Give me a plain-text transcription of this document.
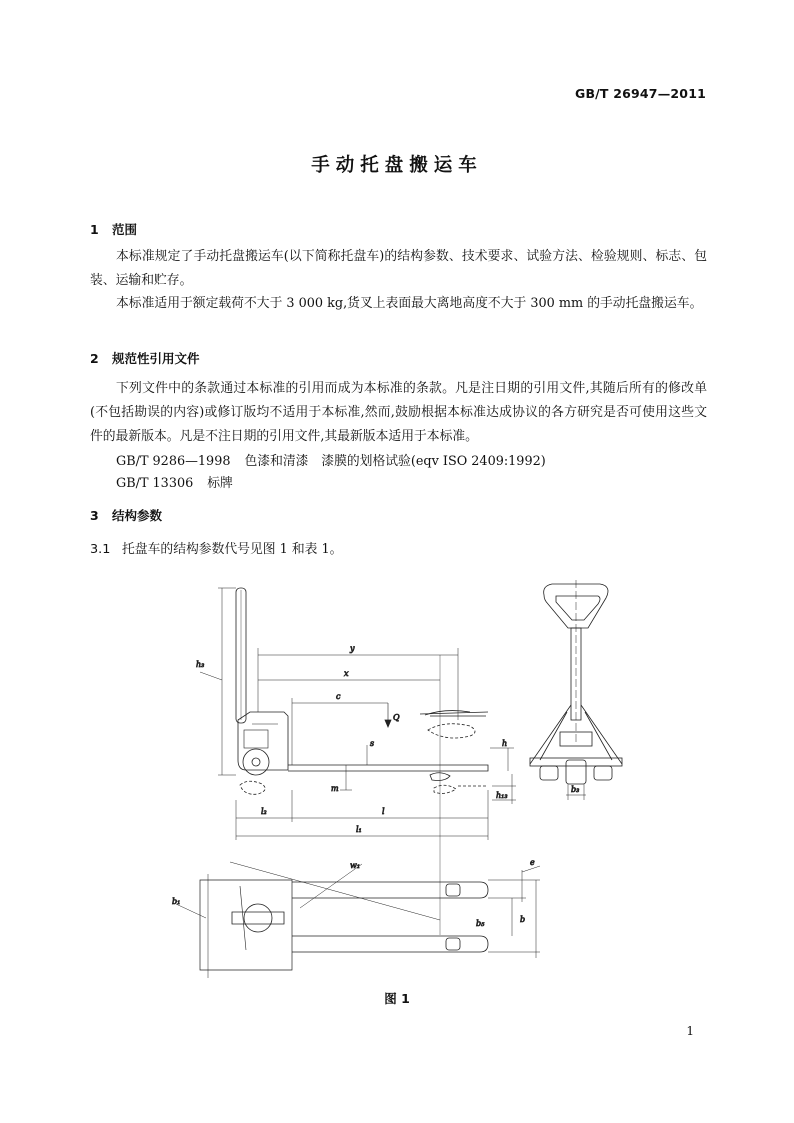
GB/T 26947—2011
手动托盘搬运车
1 范围

本标准规定了手动托盘搬运车(以下简称托盘车)的结构参数、技术要求、试验方法、检验规则、标志、包装、运输和贮存。

本标准适用于额定载荷不大于 3 000 kg,货叉上表面最大离地高度不大于 300 mm 的手动托盘搬运车。

2 规范性引用文件

下列文件中的条款通过本标准的引用而成为本标准的条款。凡是注日期的引用文件,其随后所有的修改单(不包括勘误的内容)或修订版均不适用于本标准,然而,鼓励根据本标准达成协议的各方研究是否可使用这些文件的最新版本。凡是不注日期的引用文件,其最新版本适用于本标准。

GB/T 9286—1998 色漆和清漆　漆膜的划格试验(eqv ISO 2409:1992)
GB/T 13306 标牌
3 结构参数
3.1 托盘车的结构参数代号见图 1 和表 1。
h₃
y
x
c
Q
s	h
m
h₁₃
l₂	l
l₁
b₃
w₁
b₁
e
b₅	b
图 1
1
